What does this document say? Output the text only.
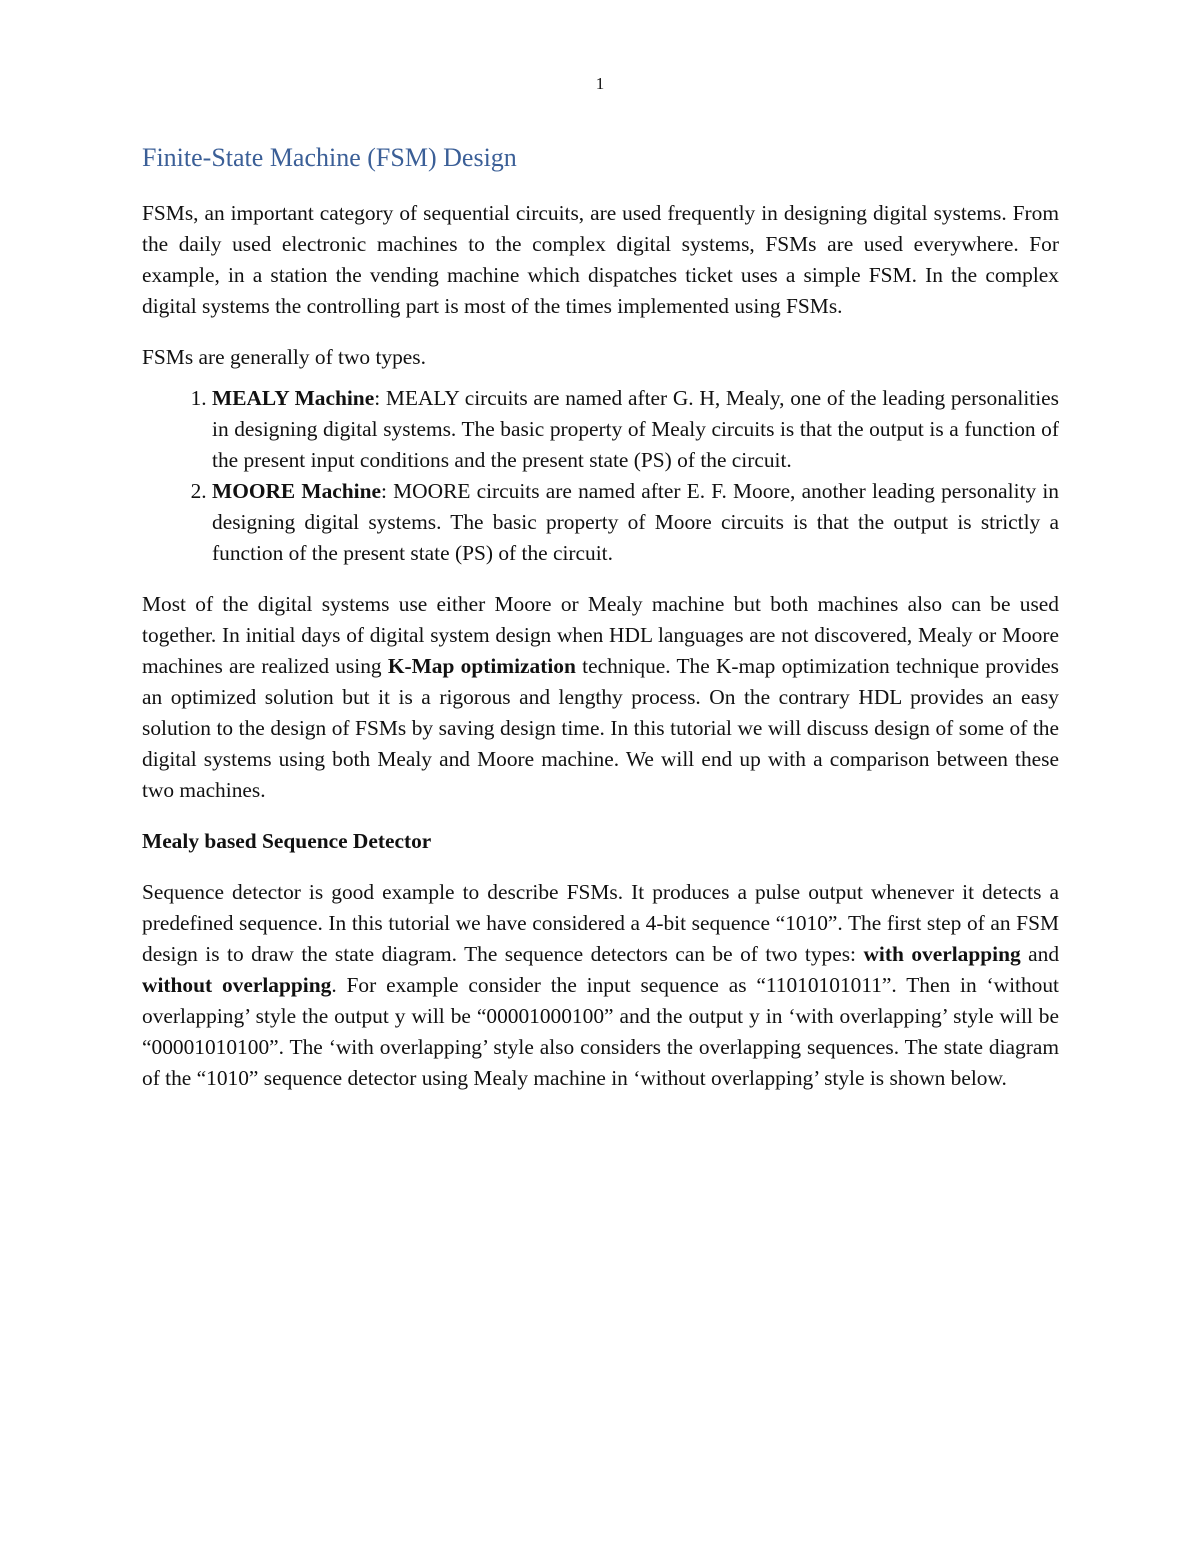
1
Finite-State Machine (FSM) Design

FSMs, an important category of sequential circuits, are used frequently in designing digital systems. From the daily used electronic machines to the complex digital systems, FSMs are used everywhere. For example, in a station the vending machine which dispatches ticket uses a simple FSM. In the complex digital systems the controlling part is most of the times implemented using FSMs.

FSMs are generally of two types.

1. MEALY Machine: MEALY circuits are named after G. H, Mealy, one of the leading personalities in designing digital systems. The basic property of Mealy circuits is that the output is a function of the present input conditions and the present state (PS) of the circuit.
2. MOORE Machine: MOORE circuits are named after E. F. Moore, another leading personality in designing digital systems. The basic property of Moore circuits is that the output is strictly a function of the present state (PS) of the circuit.

Most of the digital systems use either Moore or Mealy machine but both machines also can be used together. In initial days of digital system design when HDL languages are not discovered, Mealy or Moore machines are realized using K-Map optimization technique. The K-map optimization technique provides an optimized solution but it is a rigorous and lengthy process. On the contrary HDL provides an easy solution to the design of FSMs by saving design time. In this tutorial we will discuss design of some of the digital systems using both Mealy and Moore machine. We will end up with a comparison between these two machines.

Mealy based Sequence Detector

Sequence detector is good example to describe FSMs. It produces a pulse output whenever it detects a predefined sequence. In this tutorial we have considered a 4-bit sequence “1010”. The first step of an FSM design is to draw the state diagram. The sequence detectors can be of two types: with overlapping and without overlapping. For example consider the input sequence as “11010101011”. Then in ‘without overlapping’ style the output y will be “00001000100” and the output y in ‘with overlapping’ style will be “00001010100”. The ‘with overlapping’ style also considers the overlapping sequences. The state diagram of the “1010” sequence detector using Mealy machine in ‘without overlapping’ style is shown below.
